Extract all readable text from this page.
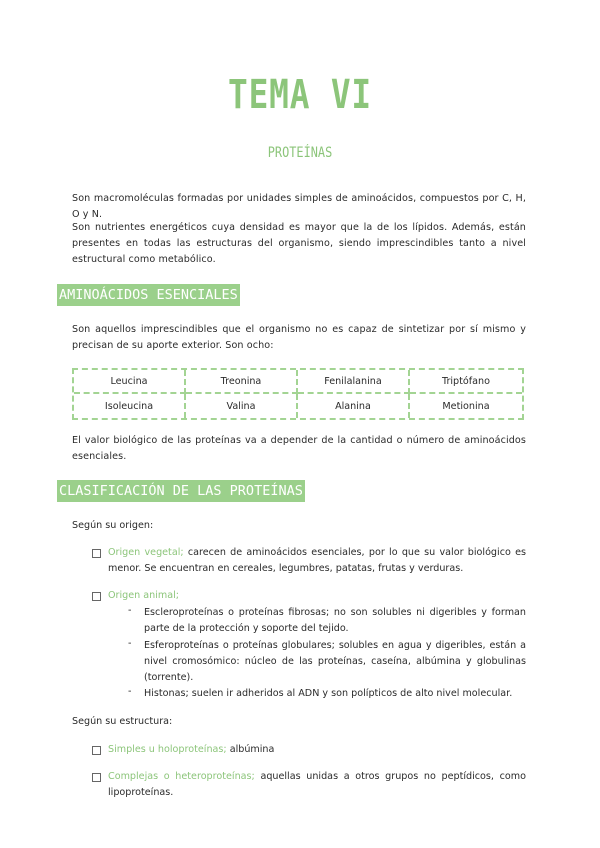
TEMA VI
PROTEÍNAS
Son macromoléculas formadas por unidades simples de aminoácidos, compuestos por C, H, O y N.
Son nutrientes energéticos cuya densidad es mayor que la de los lípidos. Además, están presentes en todas las estructuras del organismo, siendo imprescindibles tanto a nivel estructural como metabólico.
AMINOÁCIDOS ESENCIALES
Son aquellos imprescindibles que el organismo no es capaz de sintetizar por sí mismo y precisan de su aporte exterior. Son ocho:
Leucina	Treonina	Fenilalanina	Triptófano
Isoleucina	Valina	Alanina	Metionina
El valor biológico de las proteínas va a depender de la cantidad o número de aminoácidos esenciales.
CLASIFICACIÓN DE LAS PROTEÍNAS
Según su origen:
Origen vegetal; carecen de aminoácidos esenciales, por lo que su valor biológico es menor. Se encuentran en cereales, legumbres, patatas, frutas y verduras.
Origen animal;
- Escleroproteínas o proteínas fibrosas; no son solubles ni digeribles y forman parte de la protección y soporte del tejido.
- Esferoproteínas o proteínas globulares; solubles en agua y digeribles, están a nivel cromosómico: núcleo de las proteínas, caseína, albúmina y globulinas (torrente).
- Histonas; suelen ir adheridos al ADN y son polípticos de alto nivel molecular.
Según su estructura:
Simples u holoproteínas; albúmina
Complejas o heteroproteínas; aquellas unidas a otros grupos no peptídicos, como lipoproteínas.
